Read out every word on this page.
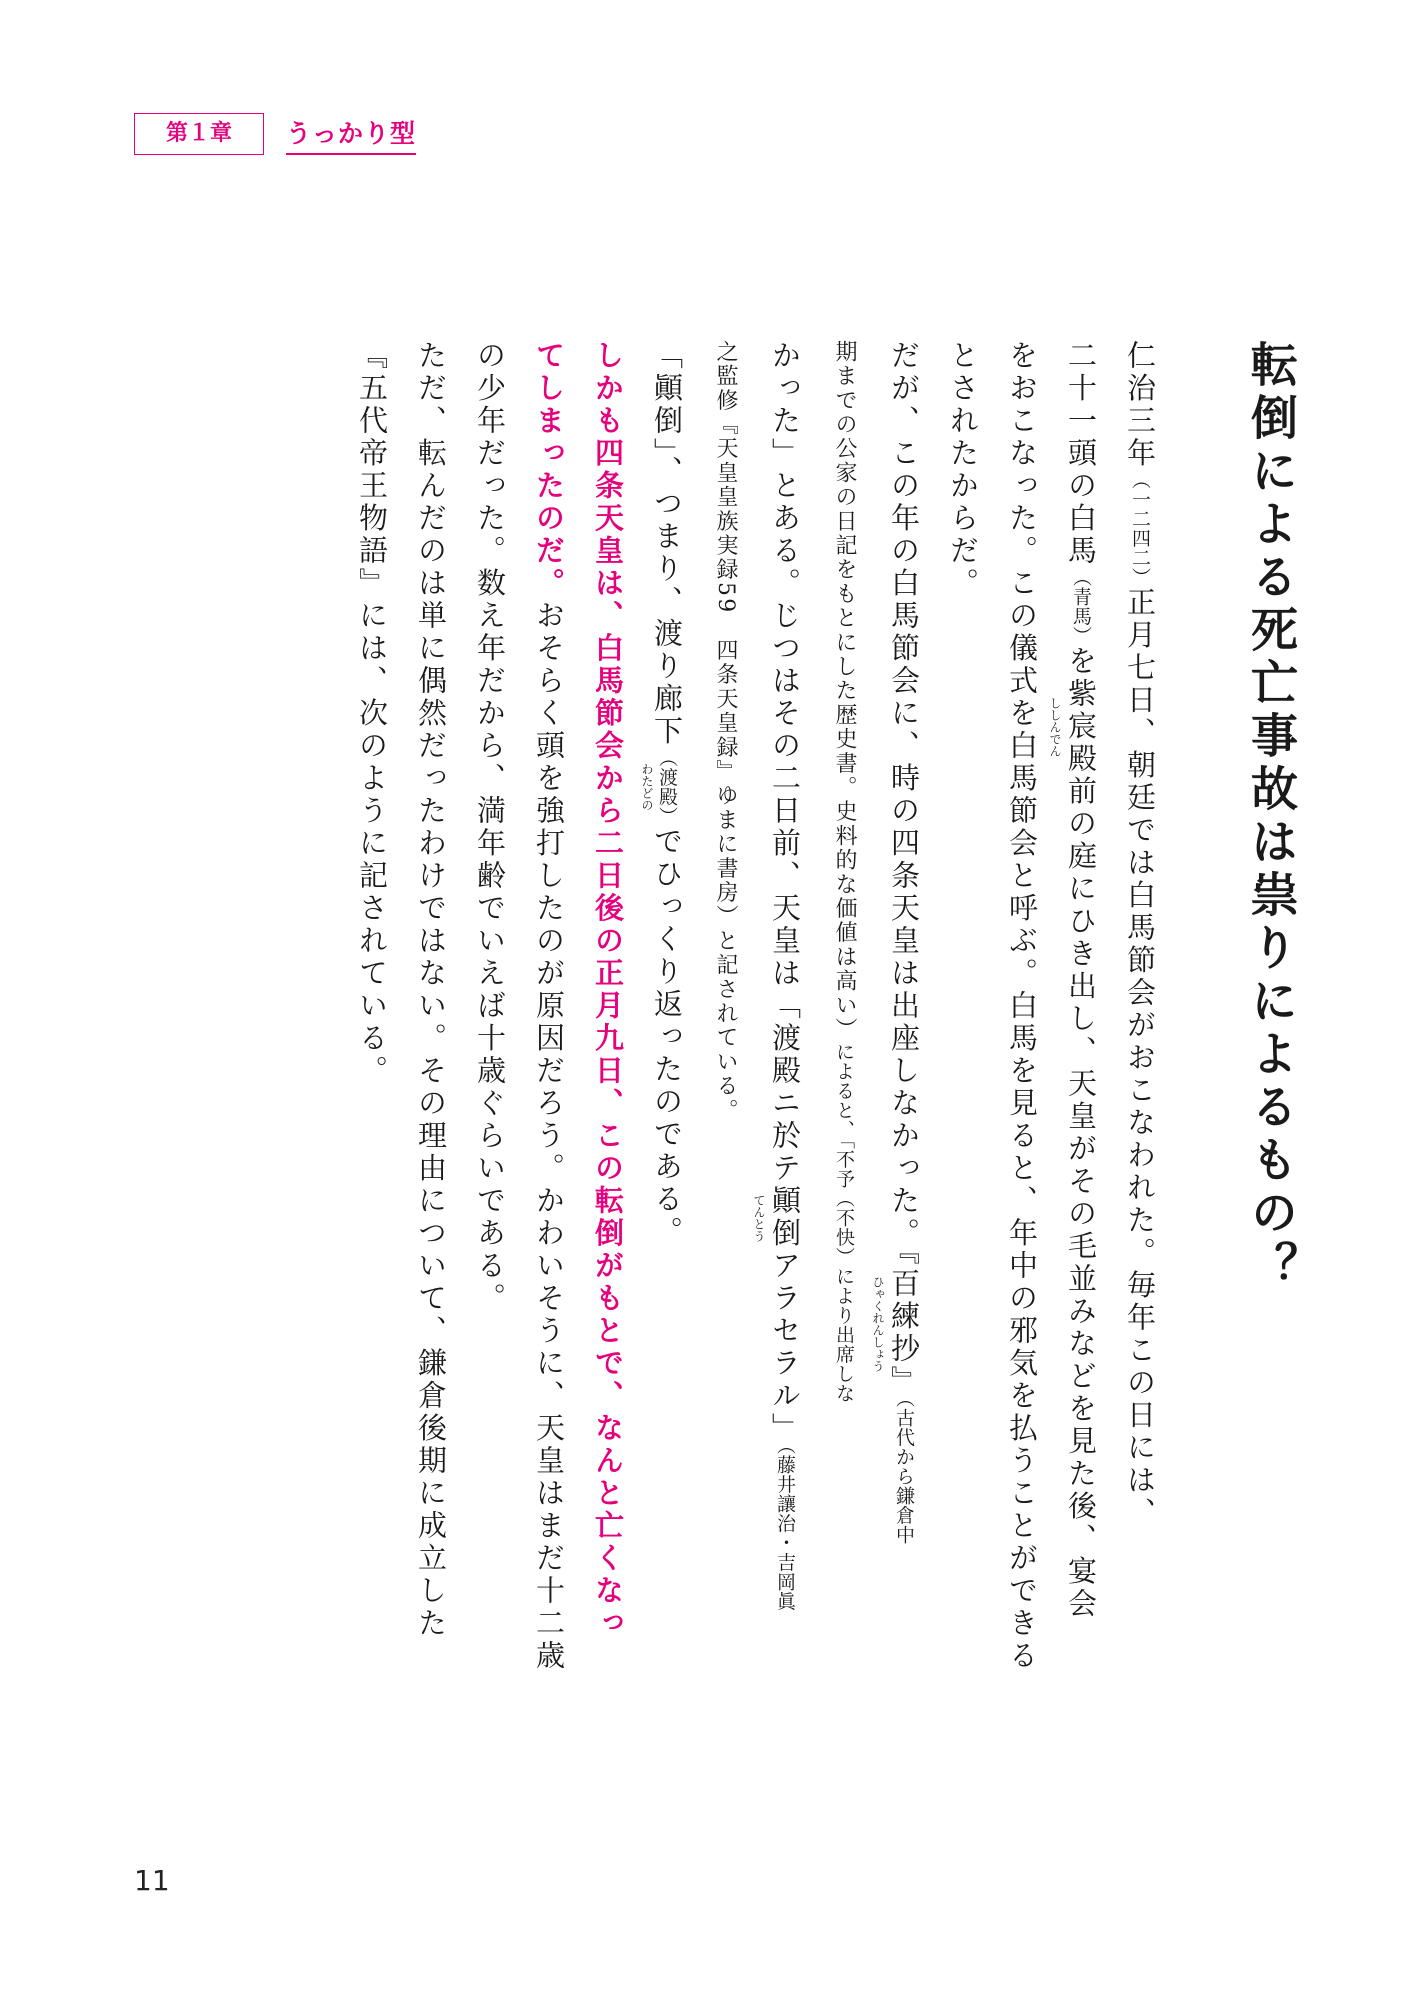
第１章	うっかり型
転倒による死亡事故は祟りによるもの？
仁治三年（一二四二）正月七日、朝廷では白馬節会がおこなわれた。毎年この日には、
二十一頭の白馬（青馬）を紫宸殿
ししんでん
前の庭にひき出し、天皇がその毛並みなどを見た後、宴会
をおこなった。この儀式を白馬節会と呼ぶ。白馬を見ると、年中の邪気を払うことができる
とされたからだ。
だが、この年の白馬節会に、時の四条天皇は出座しなかった。『百練抄』
ひゃくれんしょう
（古代から鎌倉中
期までの公家の日記をもとにした歴史書。史料的な価値は高い）によると、「不予（不快）により出席しな
かった」とある。じつはその二日前、天皇は「渡殿ニ於テ顚倒
てんとう
アラセラル」（藤井讓治・吉岡眞
之監修『天皇皇族実録59　四条天皇録』ゆまに書房）と記されている。
「顚倒」、つまり、渡り廊下（渡殿）
わたどの
でひっくり返ったのである。
しかも四条天皇は、白馬節会から二日後の正月九日、この転倒がもとで、なんと亡くなっ
てしまったのだ。おそらく頭を強打したのが原因だろう。かわいそうに、天皇はまだ十二歳
の少年だった。数え年だから、満年齢でいえば十歳ぐらいである。
ただ、転んだのは単に偶然だったわけではない。その理由について、鎌倉後期に成立した
『五代帝王物語』には、次のように記されている。
11
